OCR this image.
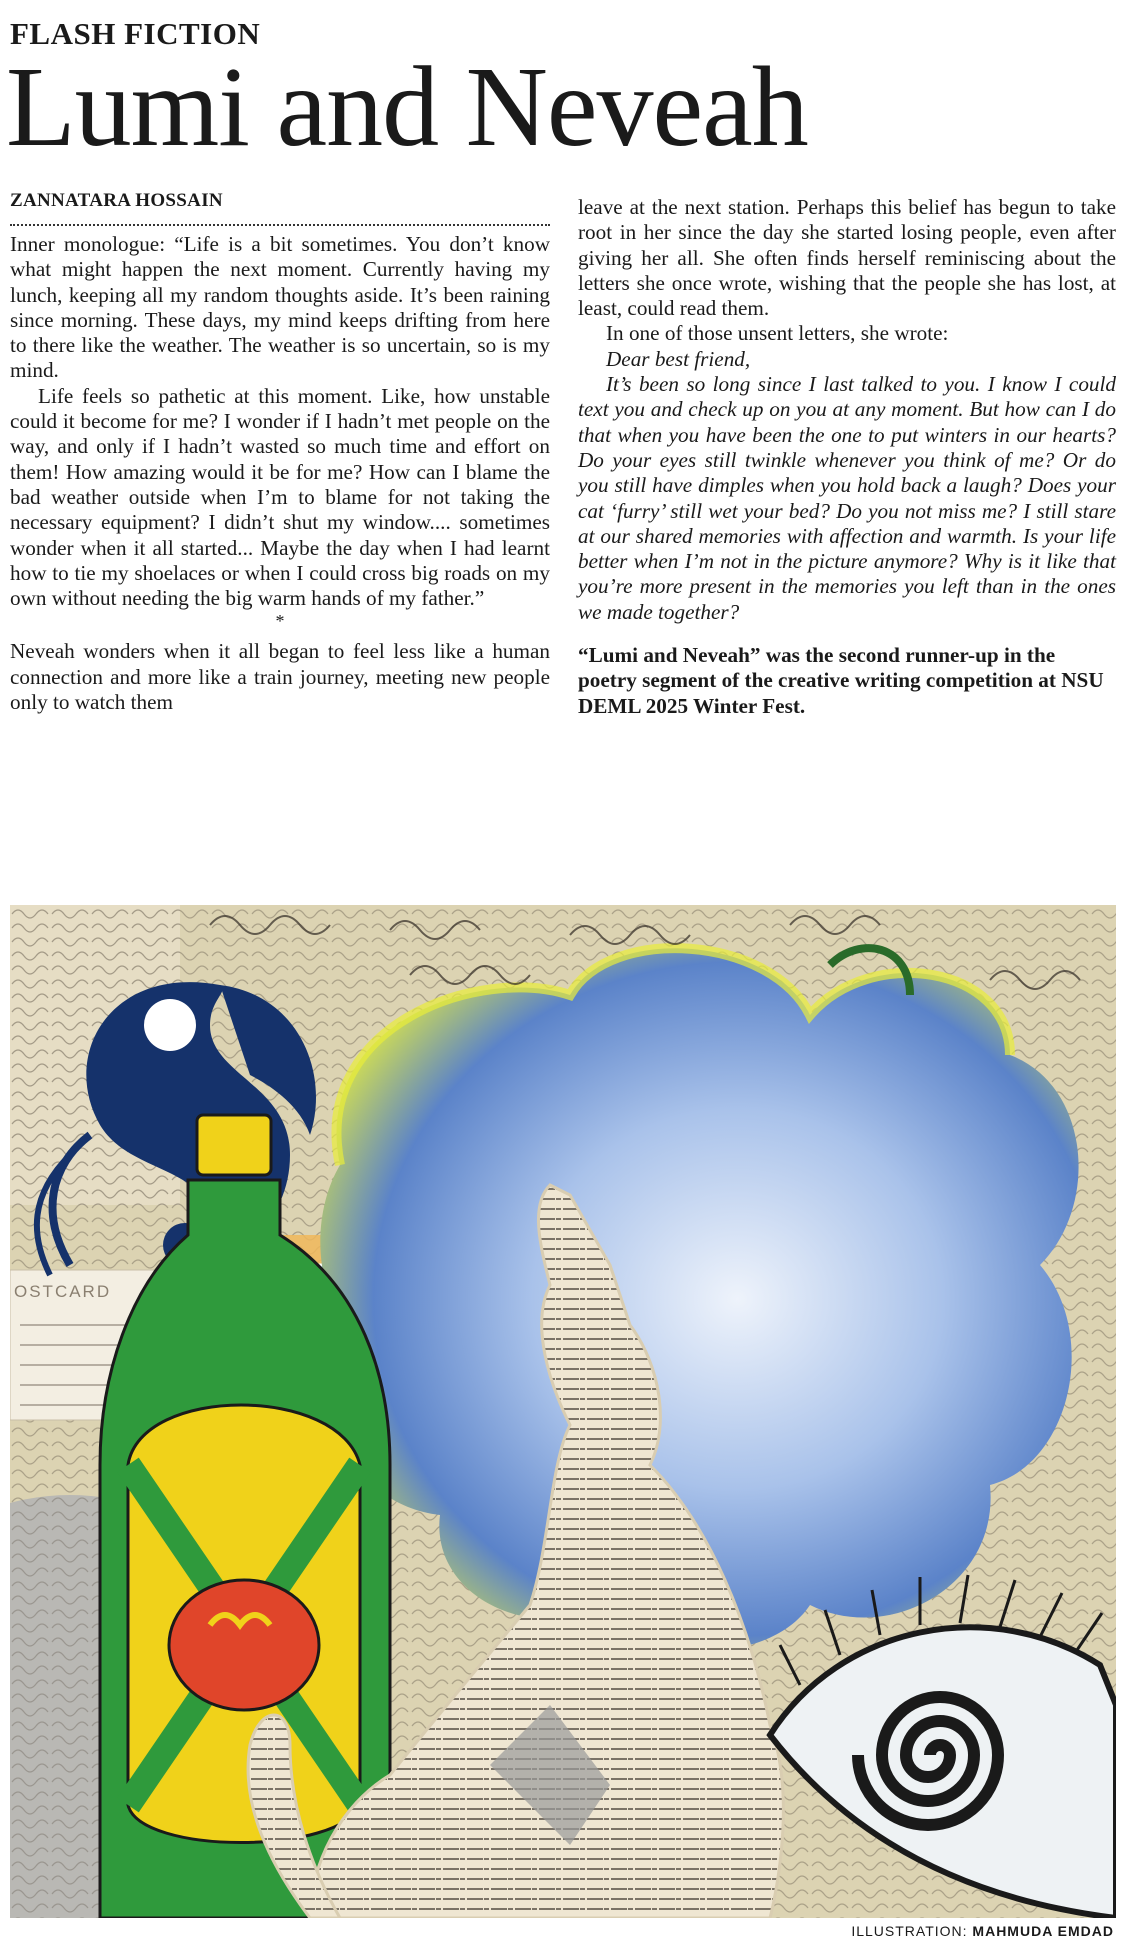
FLASH FICTION
Lumi and Neveah
ZANNATARA HOSSAIN

Inner monologue: “Life is a bit sometimes. You don’t know what might happen the next moment. Currently having my lunch, keeping all my random thoughts aside. It’s been raining since morning. These days, my mind keeps drifting from here to there like the weather. The weather is so uncertain, so is my mind.

Life feels so pathetic at this moment. Like, how unstable could it become for me? I wonder if I hadn’t met people on the way, and only if I hadn’t wasted so much time and effort on them! How amazing would it be for me? How can I blame the bad weather outside when I’m to blame for not taking the necessary equipment? I didn’t shut my window.... sometimes wonder when it all started... Maybe the day when I had learnt how to tie my shoelaces or when I could cross big roads on my own without needing the big warm hands of my father.”

*

Neveah wonders when it all began to feel less like a human connection and more like a train journey, meeting new people only to watch them

leave at the next station. Perhaps this belief has begun to take root in her since the day she started losing people, even after giving her all. She often finds herself reminiscing about the letters she once wrote, wishing that the people she has lost, at least, could read them.

In one of those unsent letters, she wrote:

Dear best friend,

It’s been so long since I last talked to you. I know I could text you and check up on you at any moment. But how can I do that when you have been the one to put winters in our hearts? Do your eyes still twinkle whenever you think of me? Or do you still have dimples when you hold back a laugh? Does your cat ‘furry’ still wet your bed? Do you not miss me? I still stare at our shared memories with affection and warmth. Is your life better when I’m not in the picture anymore? Why is it like that you’re more present in the memories you left than in the ones we made together?

“Lumi and Neveah” was the second runner-up in the poetry segment of the creative writing competition at NSU DEML 2025 Winter Fest.

OSTCARD
ILLUSTRATION: MAHMUDA EMDAD
